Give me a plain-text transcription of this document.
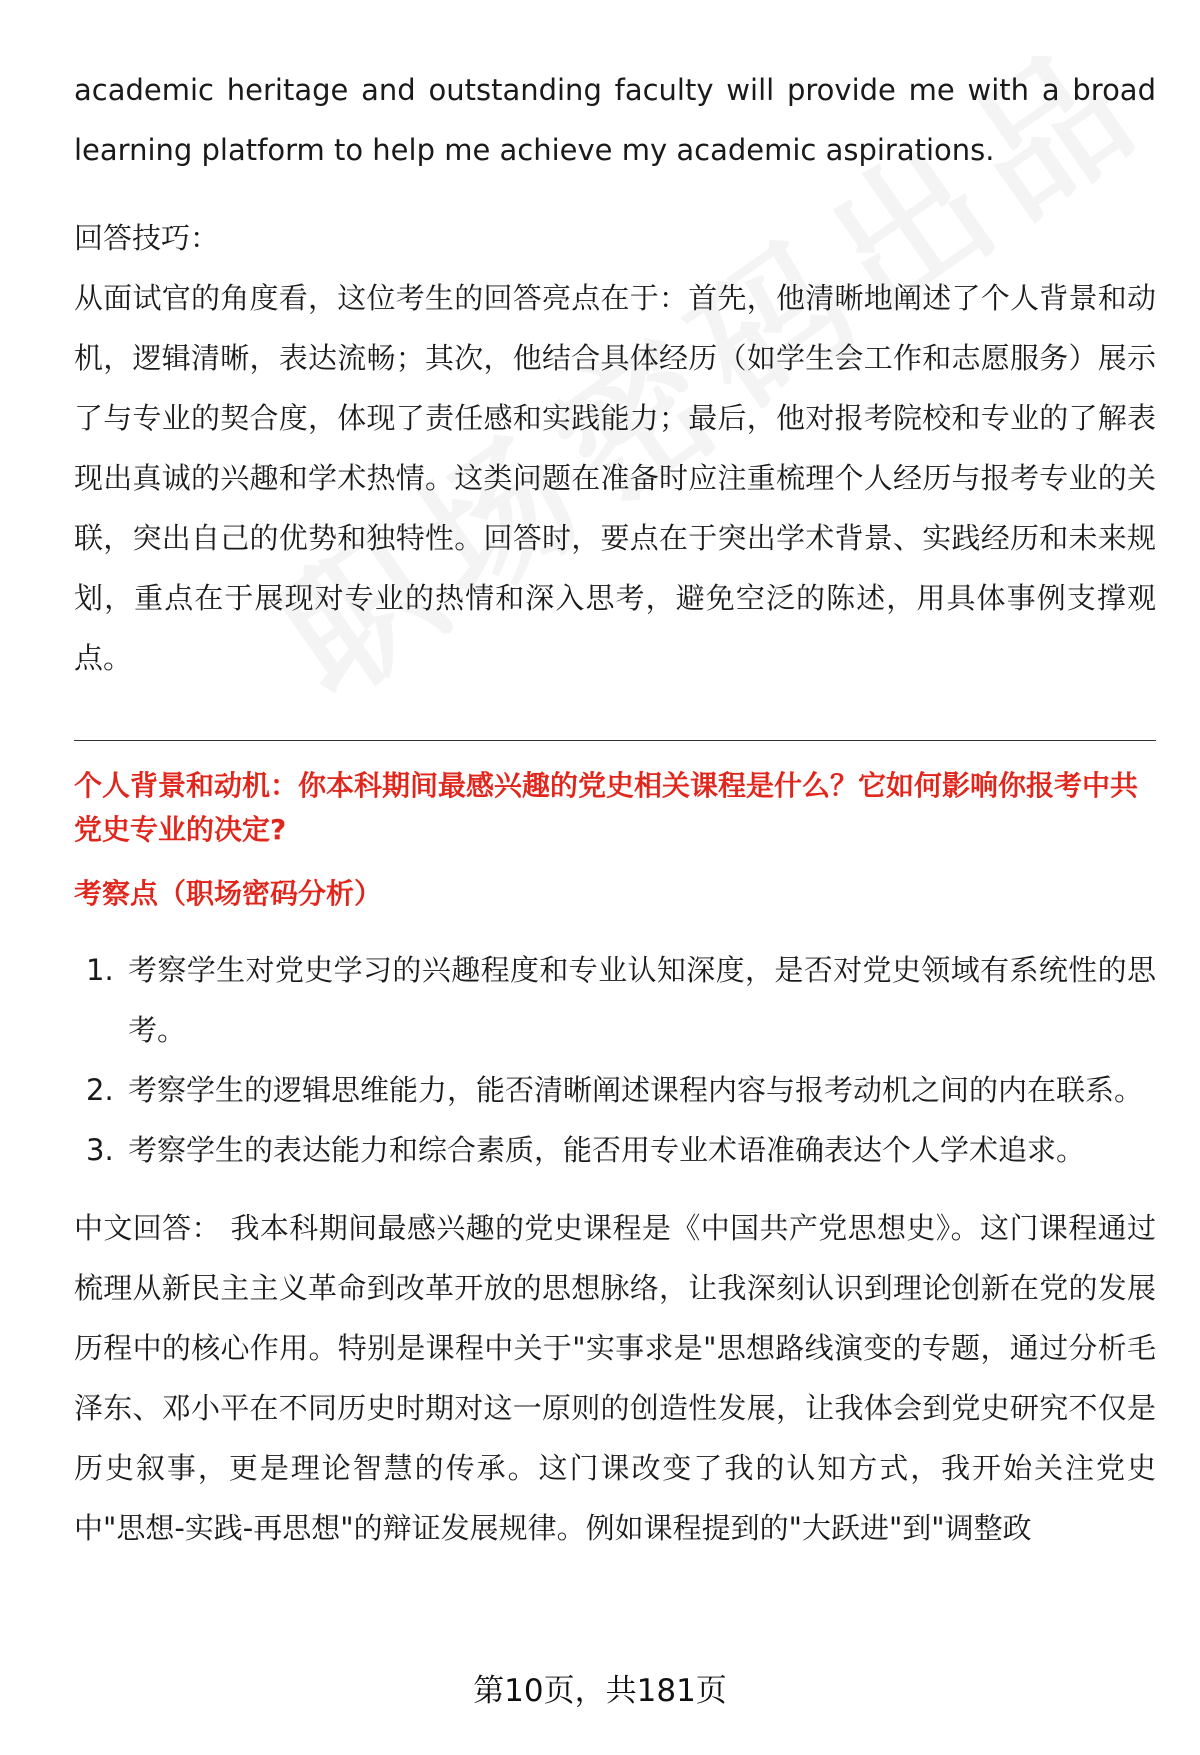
academic heritage and outstanding faculty will provide me with a broad learning platform to help me achieve my academic aspirations.

回答技巧：

从面试官的角度看，这位考生的回答亮点在于：首先，他清晰地阐述了个人背景和动机，逻辑清晰，表达流畅；其次，他结合具体经历（如学生会工作和志愿服务）展示了与专业的契合度，体现了责任感和实践能力；最后，他对报考院校和专业的了解表现出真诚的兴趣和学术热情。这类问题在准备时应注重梳理个人经历与报考专业的关联，突出自己的优势和独特性。回答时，要点在于突出学术背景、实践经历和未来规划，重点在于展现对专业的热情和深入思考，避免空泛的陈述，用具体事例支撑观点。

个人背景和动机：你本科期间最感兴趣的党史相关课程是什么？它如何影响你报考中共党史专业的决定?

考察点（职场密码分析）

1. 考察学生对党史学习的兴趣程度和专业认知深度，是否对党史领域有系统性的思考。
2. 考察学生的逻辑思维能力，能否清晰阐述课程内容与报考动机之间的内在联系。
3. 考察学生的表达能力和综合素质，能否用专业术语准确表达个人学术追求。

中文回答： 我本科期间最感兴趣的党史课程是《中国共产党思想史》。这门课程通过梳理从新民主主义革命到改革开放的思想脉络，让我深刻认识到理论创新在党的发展历程中的核心作用。特别是课程中关于"实事求是"思想路线演变的专题，通过分析毛泽东、邓小平在不同历史时期对这一原则的创造性发展，让我体会到党史研究不仅是历史叙事，更是理论智慧的传承。这门课改变了我的认知方式，我开始关注党史中"思想-实践-再思想"的辩证发展规律。例如课程提到的"大跃进"到"调整政

第10页，共181页
